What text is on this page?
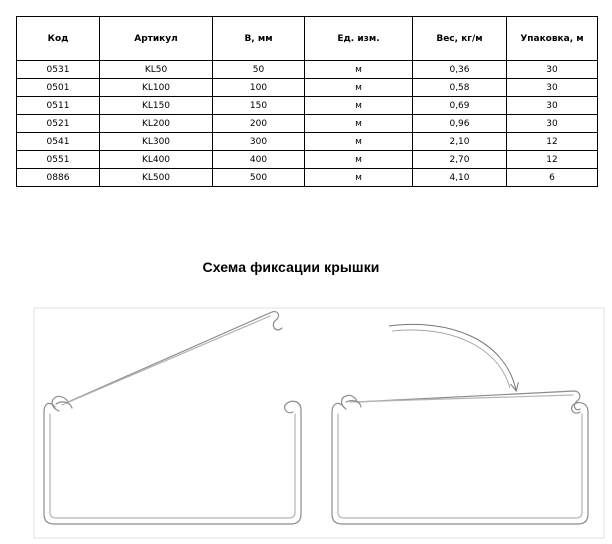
Код	Артикул	В, мм	Ед. изм.	Вес, кг/м	Упаковка, м
0531	KL50	50	м	0,36	30
0501	KL100	100	м	0,58	30
0511	KL150	150	м	0,69	30
0521	KL200	200	м	0,96	30
0541	KL300	300	м	2,10	12
0551	KL400	400	м	2,70	12
0886	KL500	500	м	4,10	6
Схема фиксации крышки
